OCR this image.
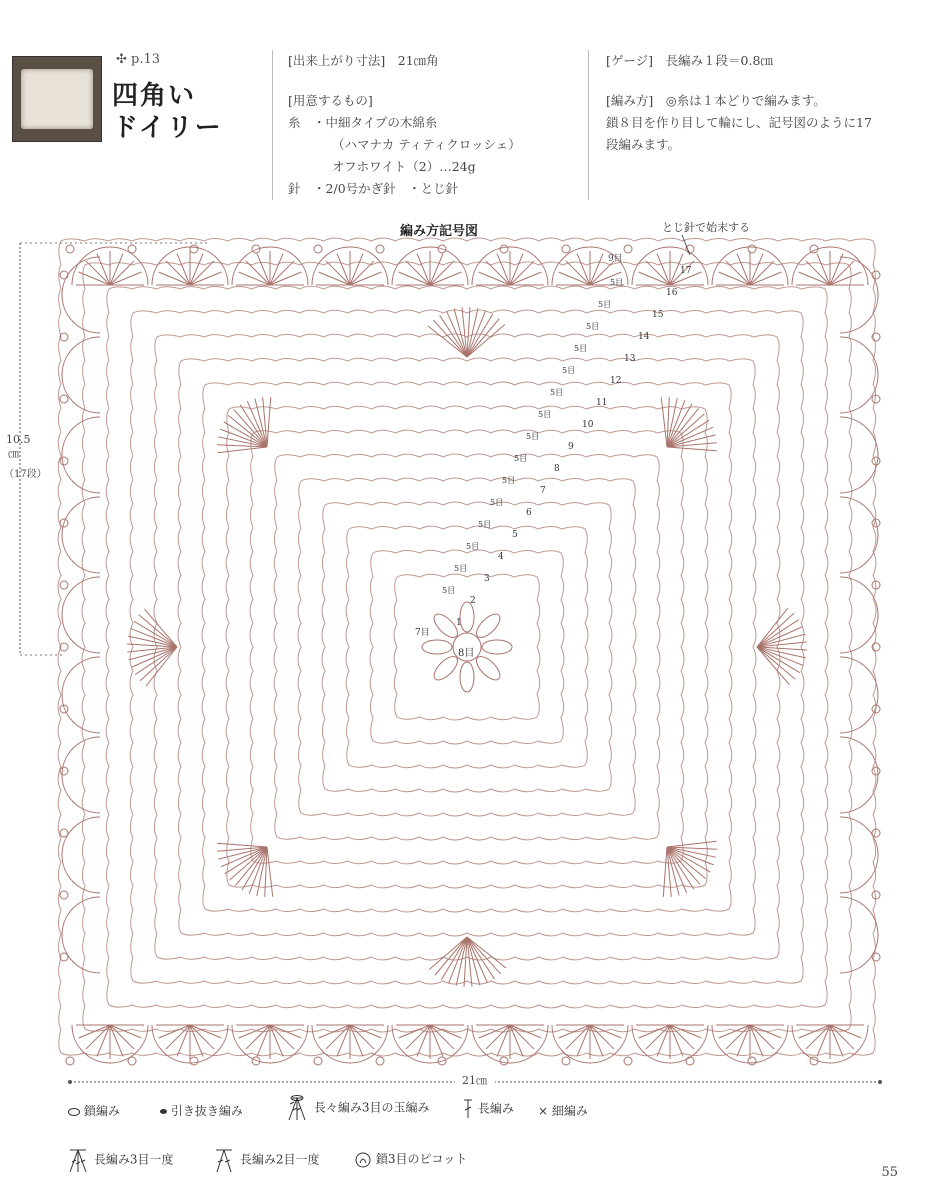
✣ p.13
四角い
ドイリー
[出来上がり寸法]　 21㎝角
[用意するもの]
糸　 ・中細タイプの木綿糸
（ハマナカ ティティクロッシェ）
オフホワイト（2）…24g
針　 ・2/0号かぎ針　・とじ針
[ゲージ]　 長編み１段＝0.8㎝
[編み方]　 ◎糸は１本どりで編みます。
鎖８目を作り目して輪にし、記号図のように17
段編みます。
編み方記号図
1
2
5目
3
5目
4
5目
5
5目
6
5目
7
5目
8
5目
9
5目
10
5目
11
5目
12
5目
13
5目
14
5目
15
5目
16
5目
17
10.5
㎝
（17段）
とじ針で始末する
9目
8目
7目
21㎝
鎖編み	引き抜き編み	長々編み3目の玉編み	長編み × 細編み
長編み3目一度	長編み2目一度	鎖3目のピコット
55
